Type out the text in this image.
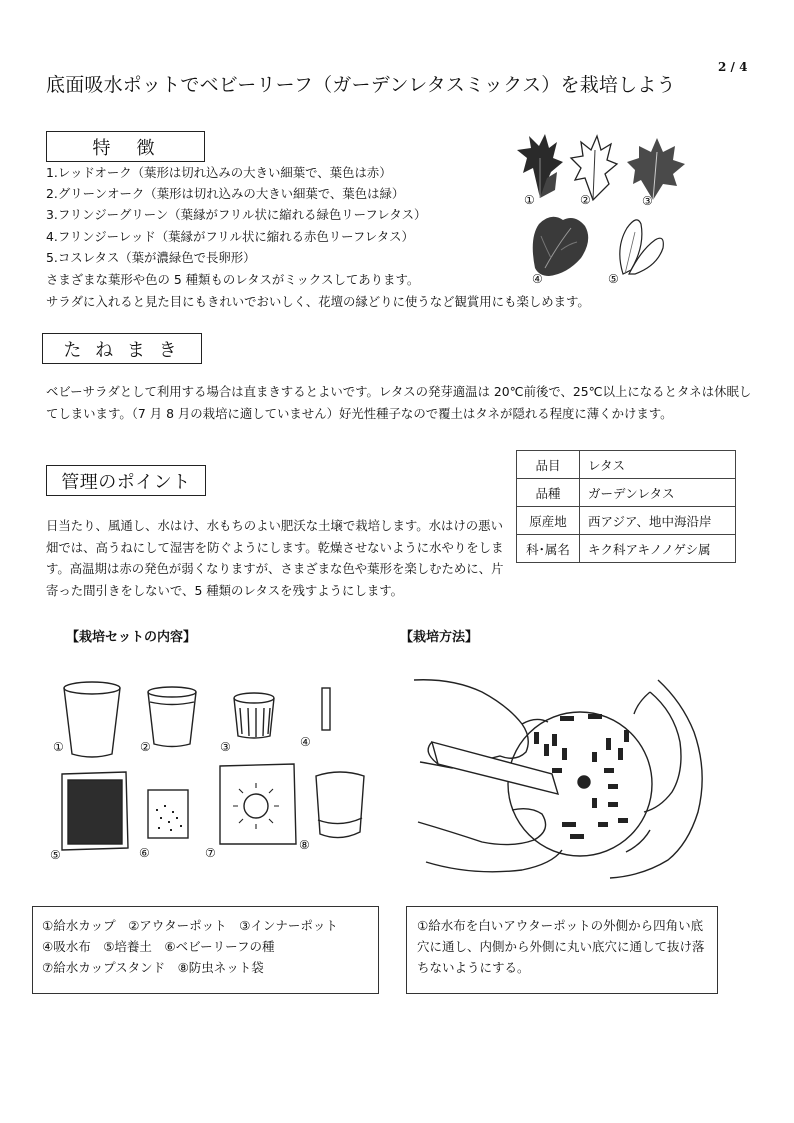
2 / 4
底面吸水ポットでベビーリーフ（ガーデンレタスミックス）を栽培しよう
特　徴
1.レッドオーク（葉形は切れ込みの大きい細葉で、葉色は赤）
2.グリーンオーク（葉形は切れ込みの大きい細葉で、葉色は緑）
3.フリンジーグリーン（葉縁がフリル状に縮れる緑色リーフレタス）
4.フリンジーレッド（葉縁がフリル状に縮れる赤色リーフレタス）
5.コスレタス（葉が濃緑色で長卵形）
さまざまな葉形や色の 5 種類ものレタスがミックスしてあります。
サラダに入れると見た目にもきれいでおいしく、花壇の縁どりに使うなど観賞用にも楽しめます。
①	②	③
④	⑤
た ね ま き
ベビーサラダとして利用する場合は直まきするとよいです。レタスの発芽適温は 20℃前後で、25℃以上になるとタネは休眠してしまいます。（7 月 8 月の栽培に適していません）好光性種子なので覆土はタネが隠れる程度に薄くかけます。
管理のポイント
日当たり、風通し、水はけ、水もちのよい肥沃な土壌で栽培します。水はけの悪い畑では、高うねにして湿害を防ぐようにします。乾燥させないように水やりをします。高温期は赤の発色が弱くなりますが、さまざまな色や葉形を楽しむために、片寄った間引きをしないで、5 種類のレタスを残すようにします。
品目	レタス
品種	ガーデンレタス
原産地	西アジア、地中海沿岸
科･属名	キク科アキノノゲシ属
【栽培セットの内容】	【栽培方法】
①	②	③	④
⑤	⑥	⑦
⑧
①給水カップ　②アウターポット　③インナーポット
④吸水布　⑤培養土　⑥ベビーリーフの種
⑦給水カップスタンド　⑧防虫ネット袋
①給水布を白いアウターポットの外側から四角い底穴に通し、内側から外側に丸い底穴に通して抜け落ちないようにする。
